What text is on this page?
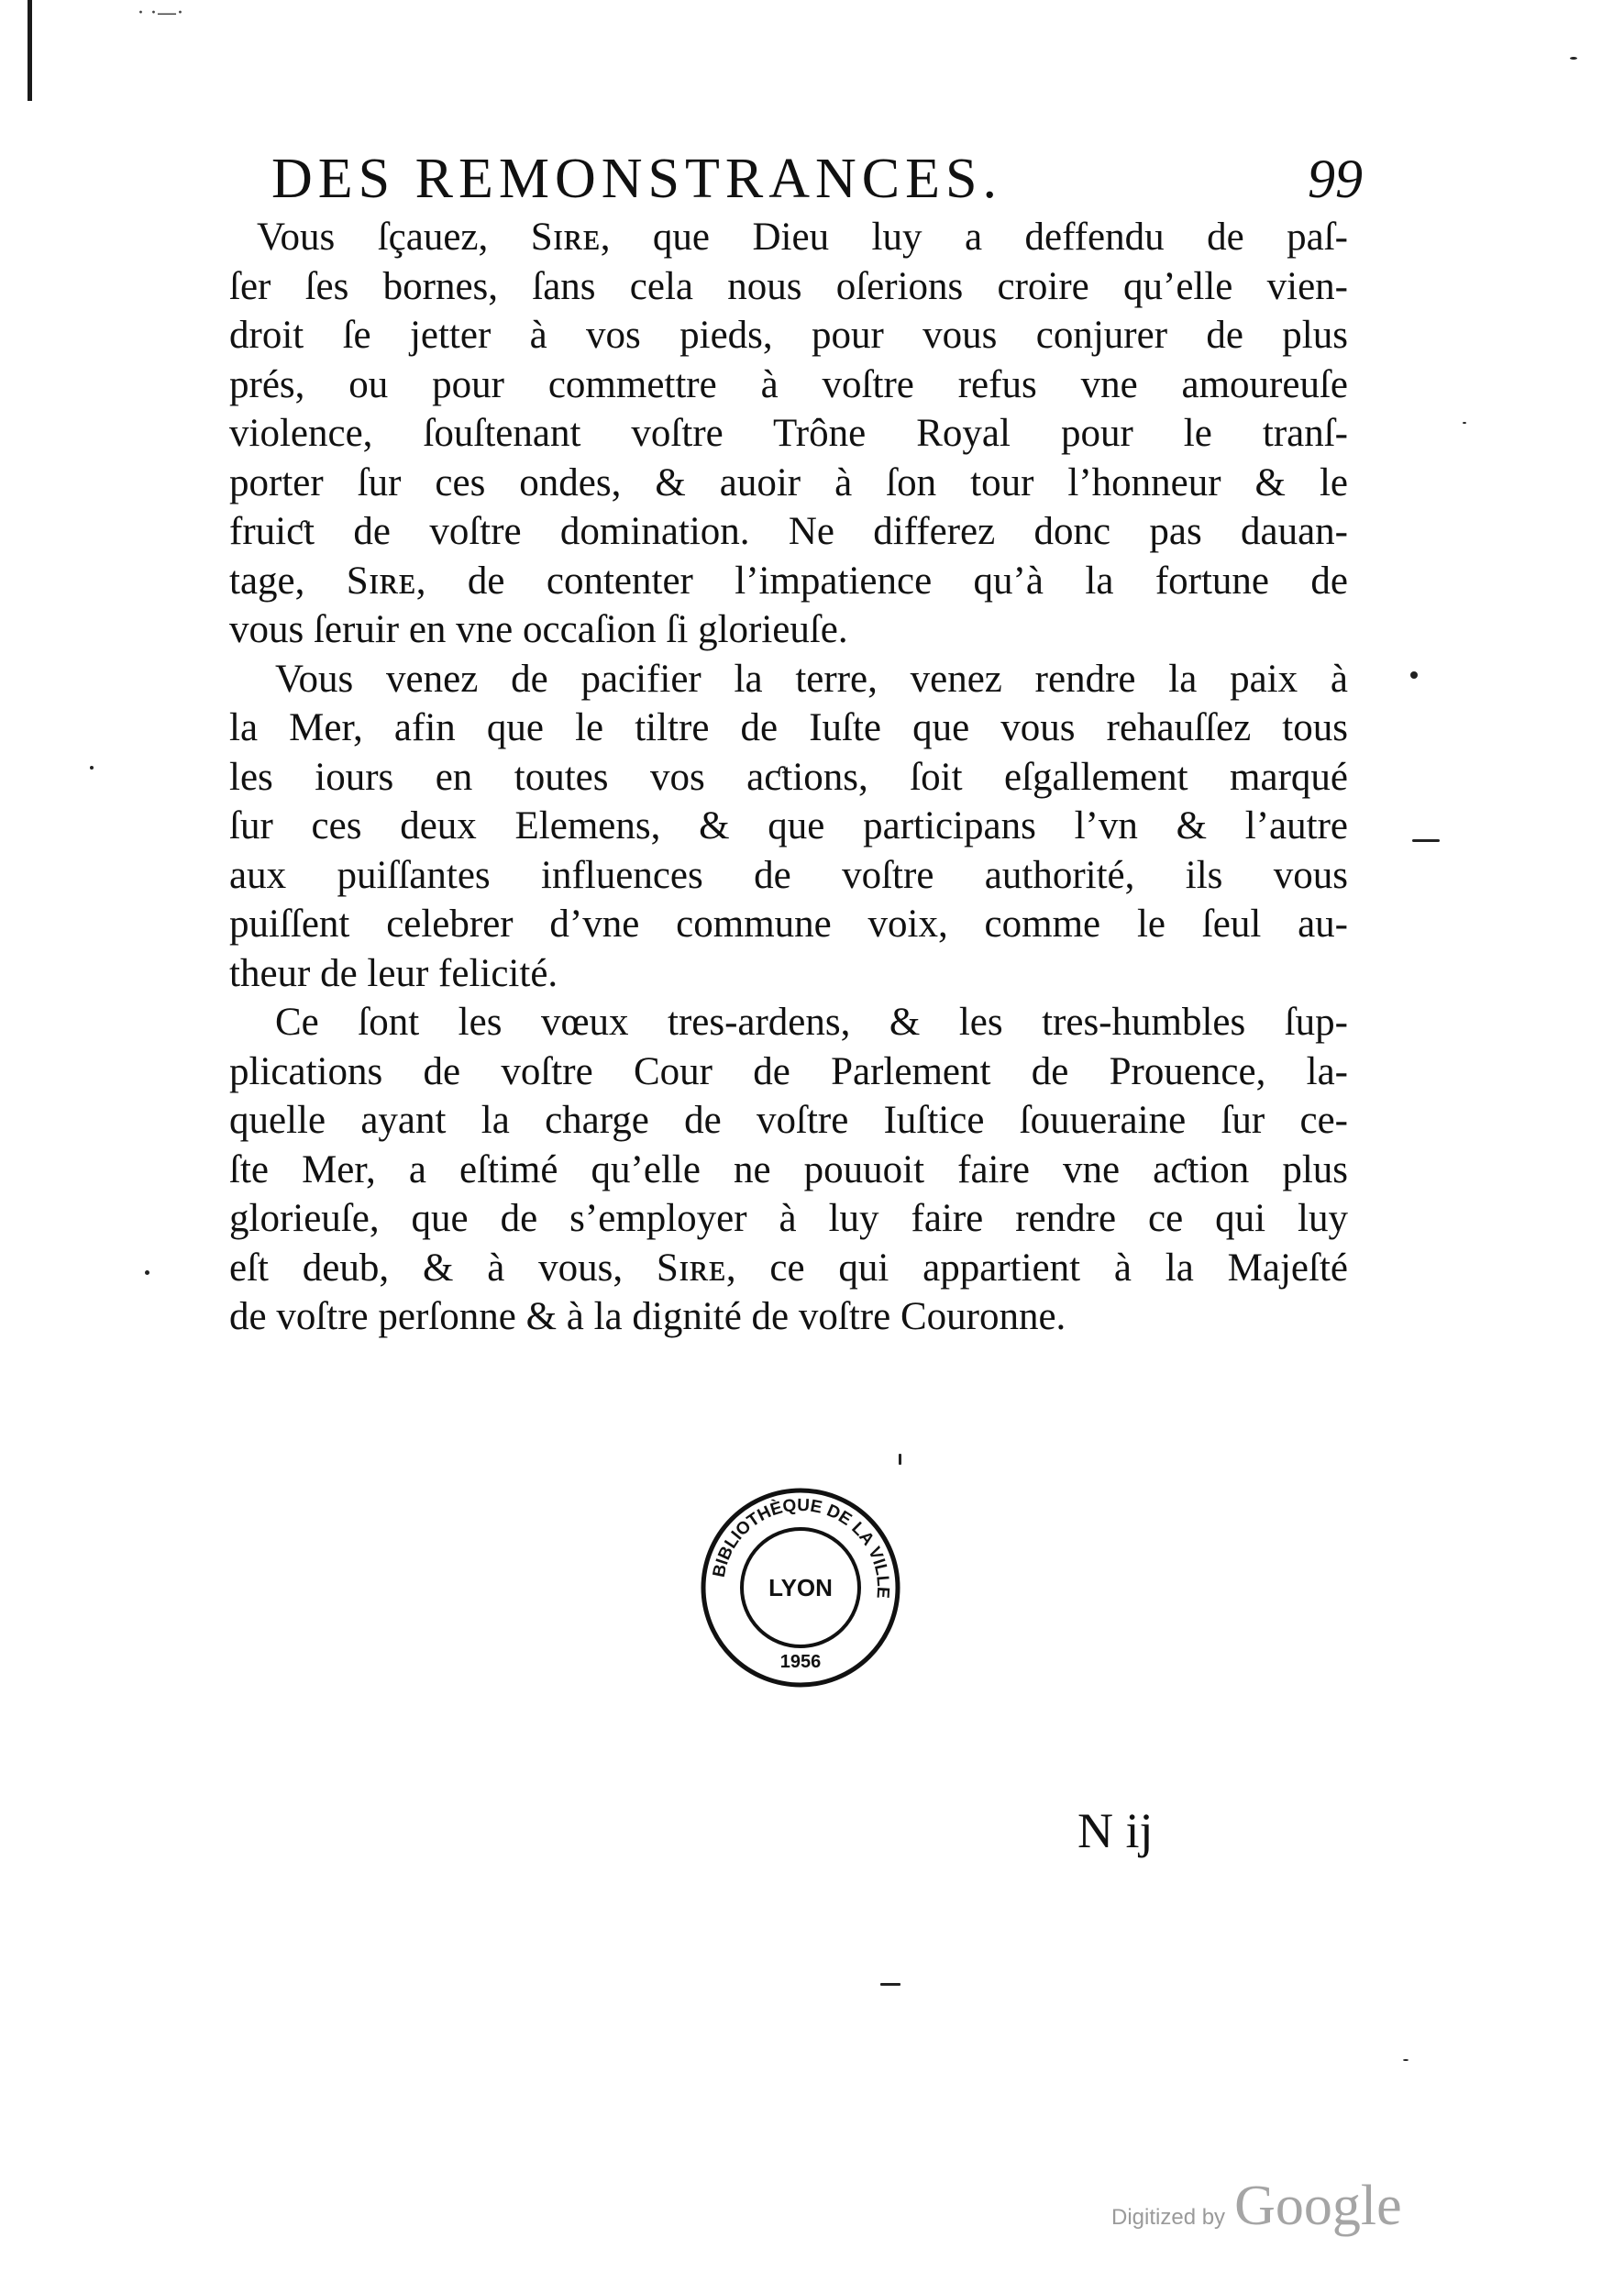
· ·—·
DES REMONSTRANCES.	99
Vous ſçauez, Sɪʀᴇ, que Dieu luy a deffendu de paſ-
ſer ſes bornes, ſans cela nous oſerions croire qu’elle vien-
droit ſe jetter à vos pieds, pour vous conjurer de plus
prés, ou pour commettre à voſtre refus vne amoureuſe
violence, ſouſtenant voſtre Trône Royal pour le tranſ-
porter ſur ces ondes, & auoir à ſon tour l’honneur & le
fruiƈt de voſtre domination. Ne differez donc pas dauan-
tage, Sɪʀᴇ, de contenter l’impatience qu’à la fortune de
vous ſeruir en vne occaſion ſi glorieuſe.
Vous venez de pacifier la terre, venez rendre la paix à
la Mer, afin que le tiltre de Iuſte que vous rehauſſez tous
les iours en toutes vos aƈtions, ſoit eſgallement marqué
ſur ces deux Elemens, & que participans l’vn & l’autre
aux puiſſantes influences de voſtre authorité, ils vous
puiſſent celebrer d’vne commune voix, comme le ſeul au-
theur de leur felicité.
Ce ſont les vœux tres-ardens, & les tres-humbles ſup-
plications de voſtre Cour de Parlement de Prouence, la-
quelle ayant la charge de voſtre Iuſtice ſouueraine ſur ce-
ſte Mer, a eſtimé qu’elle ne pouuoit faire vne aƈtion plus
glorieuſe, que de s’employer à luy faire rendre ce qui luy
eſt deub, & à vous, Sɪʀᴇ, ce qui appartient à la Majeſté
de voſtre perſonne & à la dignité de voſtre Couronne.
BIBLIOTHÈQUE DE LA VILLE
LYON
1956
N ij
Digitized by Google
